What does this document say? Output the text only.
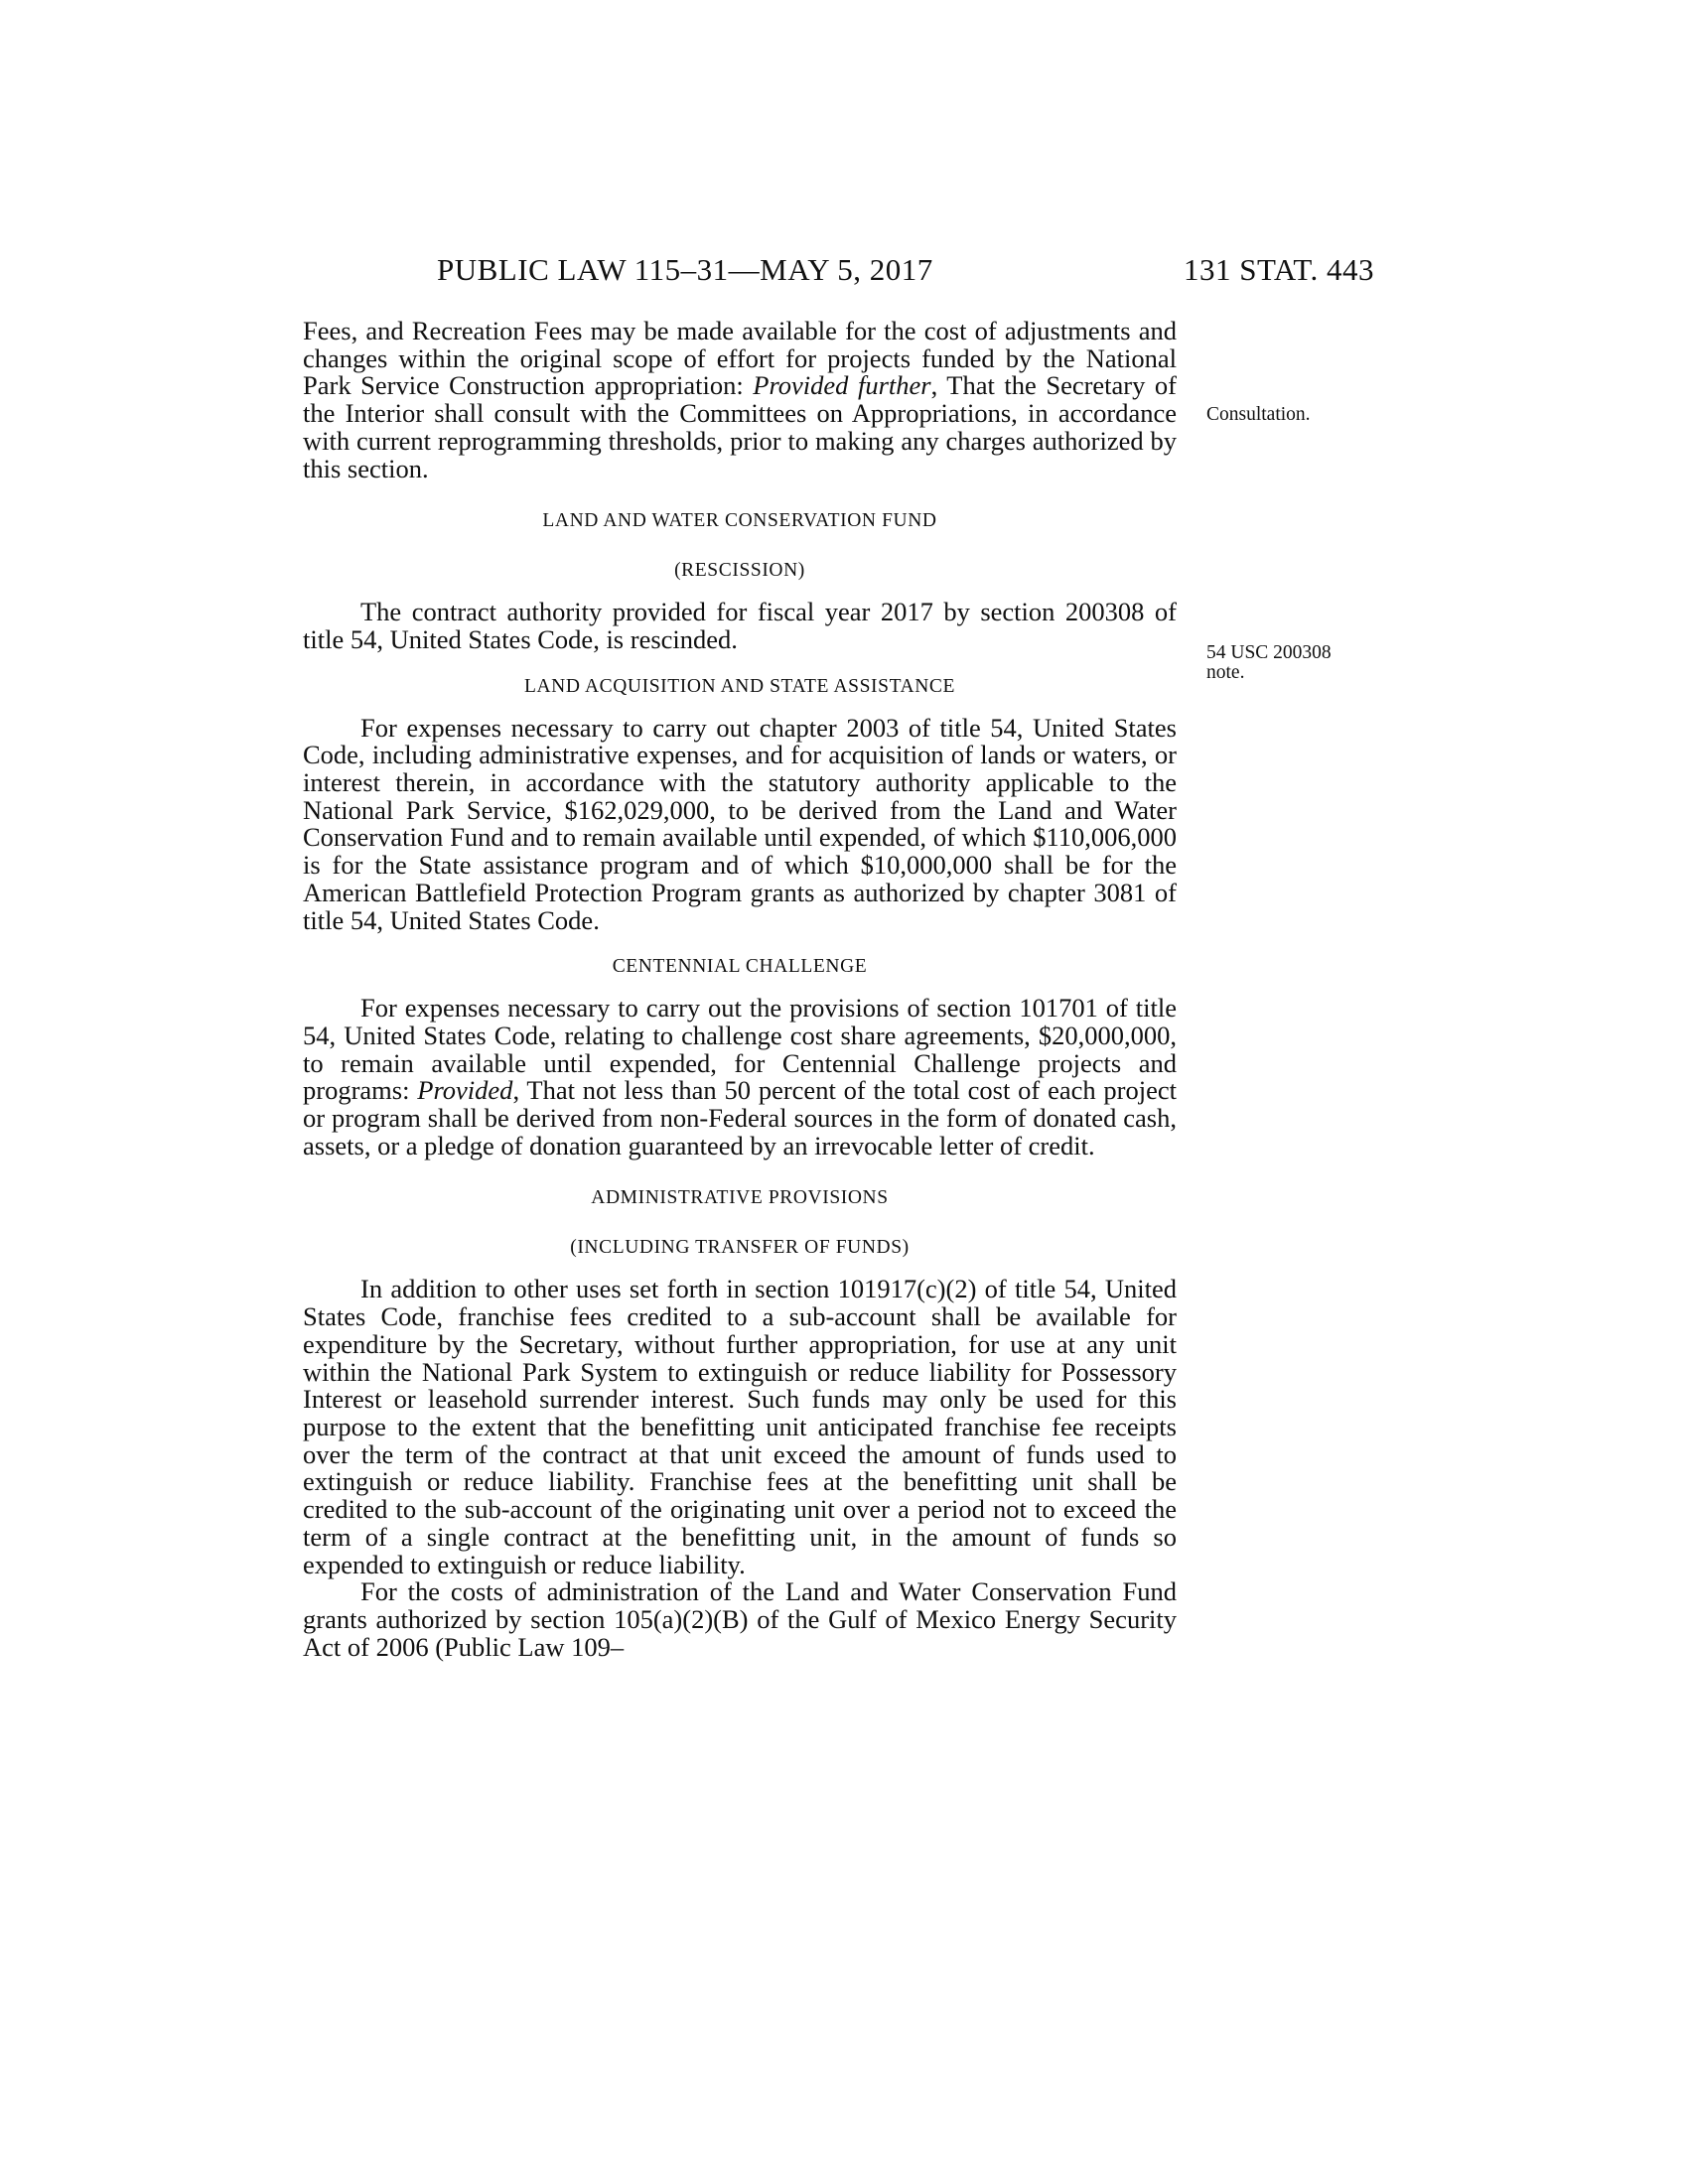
PUBLIC LAW 115–31—MAY 5, 2017	131 STAT. 443
Consultation.
54 USC 200308
note.

Fees, and Recreation Fees may be made available for the cost of adjustments and changes within the original scope of effort for projects funded by the National Park Service Construction appropriation: Provided further, That the Secretary of the Interior shall consult with the Committees on Appropriations, in accordance with current reprogramming thresholds, prior to making any charges authorized by this section.

LAND AND WATER CONSERVATION FUND

(RESCISSION)

The contract authority provided for fiscal year 2017 by section 200308 of title 54, United States Code, is rescinded.

LAND ACQUISITION AND STATE ASSISTANCE

For expenses necessary to carry out chapter 2003 of title 54, United States Code, including administrative expenses, and for acquisition of lands or waters, or interest therein, in accordance with the statutory authority applicable to the National Park Service, $162,029,000, to be derived from the Land and Water Conservation Fund and to remain available until expended, of which $110,006,000 is for the State assistance program and of which $10,000,000 shall be for the American Battlefield Protection Program grants as authorized by chapter 3081 of title 54, United States Code.

CENTENNIAL CHALLENGE

For expenses necessary to carry out the provisions of section 101701 of title 54, United States Code, relating to challenge cost share agreements, $20,000,000, to remain available until expended, for Centennial Challenge projects and programs: Provided, That not less than 50 percent of the total cost of each project or program shall be derived from non-Federal sources in the form of donated cash, assets, or a pledge of donation guaranteed by an irrevocable letter of credit.

ADMINISTRATIVE PROVISIONS

(INCLUDING TRANSFER OF FUNDS)

In addition to other uses set forth in section 101917(c)(2) of title 54, United States Code, franchise fees credited to a sub-account shall be available for expenditure by the Secretary, without further appropriation, for use at any unit within the National Park System to extinguish or reduce liability for Possessory Interest or leasehold surrender interest. Such funds may only be used for this purpose to the extent that the benefitting unit anticipated franchise fee receipts over the term of the contract at that unit exceed the amount of funds used to extinguish or reduce liability. Franchise fees at the benefitting unit shall be credited to the sub-account of the originating unit over a period not to exceed the term of a single contract at the benefitting unit, in the amount of funds so expended to extinguish or reduce liability.

For the costs of administration of the Land and Water Conservation Fund grants authorized by section 105(a)(2)(B) of the Gulf of Mexico Energy Security Act of 2006 (Public Law 109–
